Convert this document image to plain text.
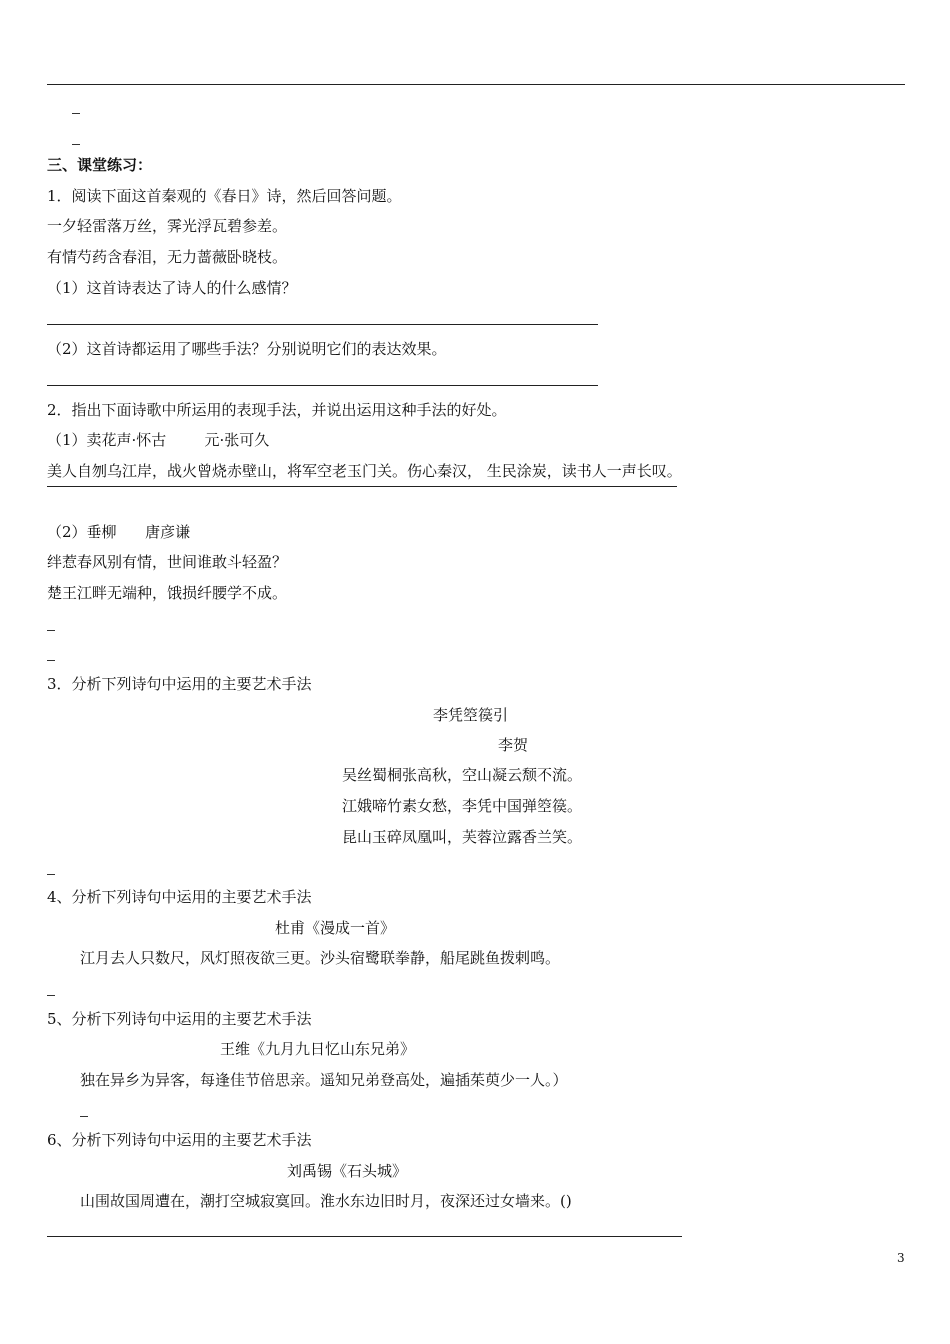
三、课堂练习：
1．阅读下面这首秦观的《春日》诗，然后回答问题。
一夕轻雷落万丝，霁光浮瓦碧参差。
有情芍药含春泪，无力蔷薇卧晓枝。
（1）这首诗表达了诗人的什么感情？
（2）这首诗都运用了哪些手法？分别说明它们的表达效果。
2．指出下面诗歌中所运用的表现手法，并说出运用这种手法的好处。
（1）卖花声·怀古        元·张可久
美人自刎乌江岸，战火曾烧赤壁山，将军空老玉门关。伤心秦汉， 生民涂炭，读书人一声长叹。
（2）垂柳      唐彦谦
绊惹春风别有情，世间谁敢斗轻盈？
楚王江畔无端种，饿损纤腰学不成。
3．分析下列诗句中运用的主要艺术手法
李凭箜篌引
李贺
吴丝蜀桐张高秋，空山凝云颓不流。
江娥啼竹素女愁，李凭中国弹箜篌。
昆山玉碎凤凰叫，芙蓉泣露香兰笑。
4、分析下列诗句中运用的主要艺术手法
杜甫《漫成一首》
江月去人只数尺，风灯照夜欲三更。沙头宿鹭联拳静，船尾跳鱼拨剌鸣。
5、分析下列诗句中运用的主要艺术手法
王维《九月九日忆山东兄弟》
独在异乡为异客，每逢佳节倍思亲。遥知兄弟登高处，遍插茱萸少一人。）
6、分析下列诗句中运用的主要艺术手法
刘禹锡《石头城》
山围故国周遭在，潮打空城寂寞回。淮水东边旧时月，夜深还过女墙来。()
3
